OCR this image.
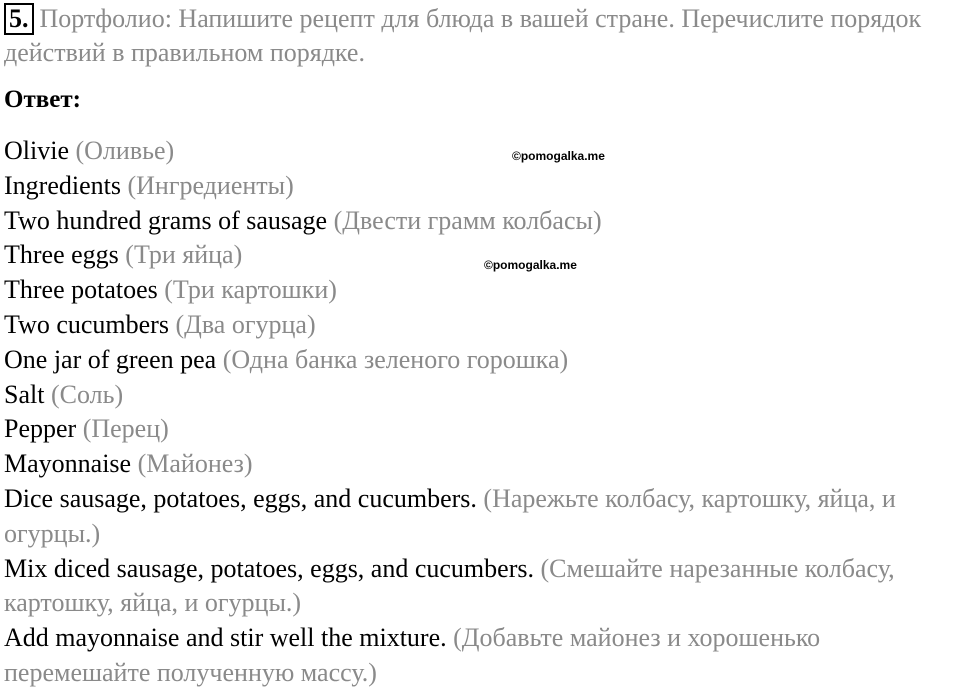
5. Портфолио: Напишите рецепт для блюда в вашей стране. Перечислите порядок действий в правильном порядке.
Ответ:
Olivie (Оливье)
Ingredients (Ингредиенты)
Two hundred grams of sausage (Двести грамм колбасы)
Three eggs (Три яйца)
Three potatoes (Три картошки)
Two cucumbers (Два огурца)
One jar of green pea (Одна банка зеленого горошка)
Salt (Соль)
Pepper (Перец)
Mayonnaise (Майонез)
Dice sausage, potatoes, eggs, and cucumbers. (Нарежьте колбасу, картошку, яйца, и огурцы.)
Mix diced sausage, potatoes, eggs, and cucumbers. (Смешайте нарезанные колбасу, картошку, яйца, и огурцы.)
Add mayonnaise and stir well the mixture. (Добавьте майонез и хорошенько перемешайте полученную массу.)
©pomogalka.me
©pomogalka.me
